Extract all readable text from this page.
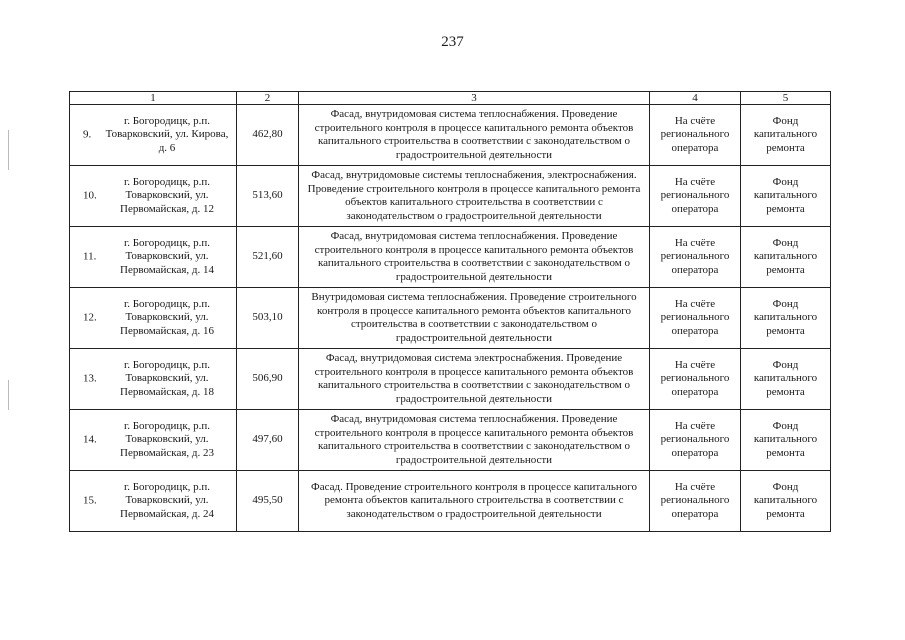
237
1	2	3	4	5

9.
г. Богородицк, р.п. Товарковский, ул. Кирова, д. 6	462,80	Фасад, внутридомовая система теплоснабжения. Проведение строительного контроля в процессе капитального ремонта объектов капитального строительства в соответствии с законодательством о градостроительной деятельности	На счёте регионального оператора	Фонд капитального ремонта

10.
г. Богородицк, р.п. Товарковский, ул. Первомайская, д. 12	513,60	Фасад, внутридомовые системы теплоснабжения, электроснабжения. Проведение строительного контроля в процессе капитального ремонта объектов капитального строительства в соответствии с законодательством о градостроительной деятельности	На счёте регионального оператора	Фонд капитального ремонта

11.
г. Богородицк, р.п. Товарковский, ул. Первомайская, д. 14	521,60	Фасад, внутридомовая система теплоснабжения. Проведение строительного контроля в процессе капитального ремонта объектов капитального строительства в соответствии с законодательством о градостроительной деятельности	На счёте регионального оператора	Фонд капитального ремонта

12.
г. Богородицк, р.п. Товарковский, ул. Первомайская, д. 16	503,10	Внутридомовая система теплоснабжения. Проведение строительного контроля в процессе капитального ремонта объектов капитального строительства в соответствии с законодательством о градостроительной деятельности	На счёте регионального оператора	Фонд капитального ремонта

13.
г. Богородицк, р.п. Товарковский, ул. Первомайская, д. 18	506,90	Фасад, внутридомовая система электроснабжения. Проведение строительного контроля в процессе капитального ремонта объектов капитального строительства в соответствии с законодательством о градостроительной деятельности	На счёте регионального оператора	Фонд капитального ремонта

14.
г. Богородицк, р.п. Товарковский, ул. Первомайская, д. 23	497,60	Фасад, внутридомовая система теплоснабжения. Проведение строительного контроля в процессе капитального ремонта объектов капитального строительства в соответствии с законодательством о градостроительной деятельности	На счёте регионального оператора	Фонд капитального ремонта

15.
г. Богородицк, р.п. Товарковский, ул. Первомайская, д. 24	495,50	Фасад. Проведение строительного контроля в процессе капитального ремонта объектов капитального строительства в соответствии с законодательством о градостроительной деятельности	На счёте регионального оператора	Фонд капитального ремонта
